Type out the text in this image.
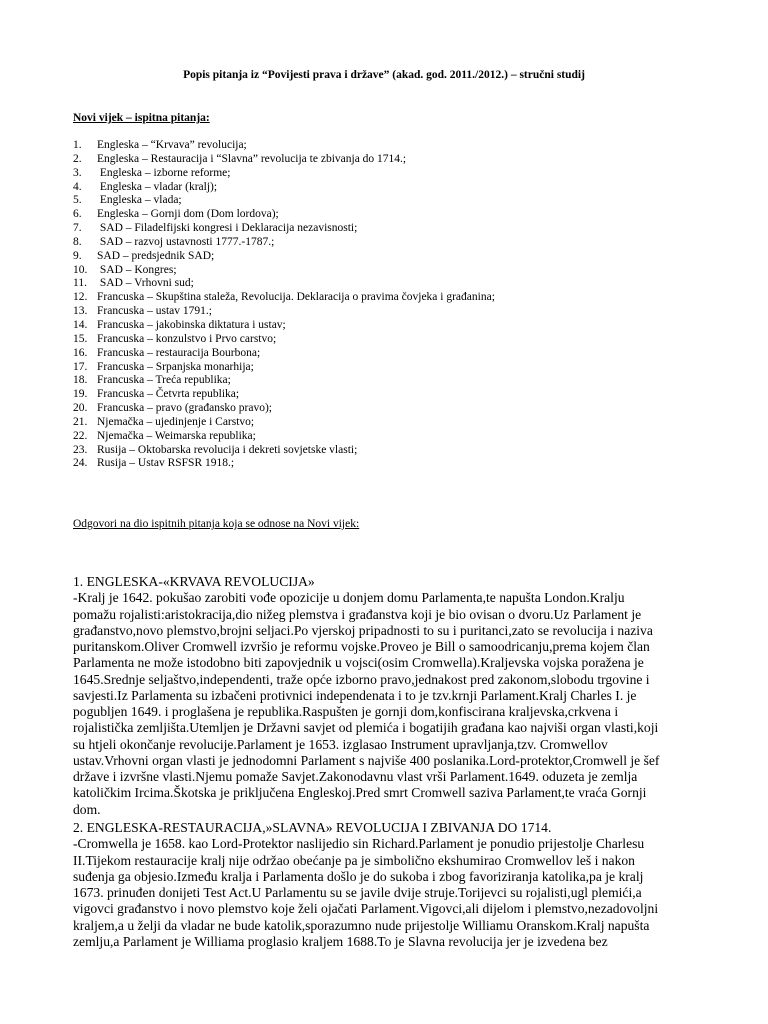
Popis pitanja iz “Povijesti prava i države” (akad. god. 2011./2012.) – stručni studij
Novi vijek – ispitna pitanja:
1. Engleska – “Krvava” revolucija;
2. Engleska – Restauracija i “Slavna” revolucija te zbivanja do 1714.;
3. Engleska – izborne reforme;
4. Engleska – vladar (kralj);
5. Engleska – vlada;
6. Engleska – Gornji dom (Dom lordova);
7. SAD – Filadelfijski kongresi i Deklaracija nezavisnosti;
8. SAD – razvoj ustavnosti 1777.-1787.;
9. SAD – predsjednik SAD;
10. SAD – Kongres;
11. SAD – Vrhovni sud;
12. Francuska – Skupština staleža, Revolucija. Deklaracija o pravima čovjeka i građanina;
13. Francuska – ustav 1791.;
14. Francuska – jakobinska diktatura i ustav;
15. Francuska – konzulstvo i Prvo carstvo;
16. Francuska – restauracija Bourbona;
17. Francuska – Srpanjska monarhija;
18. Francuska – Treća republika;
19. Francuska – Četvrta republika;
20. Francuska – pravo (građansko pravo);
21. Njemačka – ujedinjenje i Carstvo;
22. Njemačka – Weimarska republika;
23. Rusija – Oktobarska revolucija i dekreti sovjetske vlasti;
24. Rusija – Ustav RSFSR 1918.;
Odgovori na dio ispitnih pitanja koja se odnose na Novi vijek:
1. ENGLESKA-«KRVAVA REVOLUCIJA»
-Kralj je 1642. pokušao zarobiti vođe opozicije u donjem domu Parlamenta,te napušta London.Kralju
pomažu rojalisti:aristokracija,dio nižeg plemstva i građanstva koji je bio ovisan o dvoru.Uz Parlament je
građanstvo,novo plemstvo,brojni seljaci.Po vjerskoj pripadnosti to su i puritanci,zato se revolucija i naziva
puritanskom.Oliver Cromwell izvršio je reformu vojske.Proveo je Bill o samoodricanju,prema kojem član
Parlamenta ne može istodobno biti zapovjednik u vojsci(osim Cromwella).Kraljevska vojska poražena je
1645.Srednje seljaštvo,independenti, traže opće izborno pravo,jednakost pred zakonom,slobodu trgovine i
savjesti.Iz Parlamenta su izbačeni protivnici independenata i to je tzv.krnji Parlament.Kralj Charles I. je
pogubljen 1649. i proglašena je republika.Raspušten je gornji dom,konfiscirana kraljevska,crkvena i
rojalistička zemljišta.Utemljen je Državni savjet od plemića i bogatijih građana kao najviši organ vlasti,koji
su htjeli okončanje revolucije.Parlament je 1653. izglasao Instrument upravljanja,tzv. Cromwellov
ustav.Vrhovni organ vlasti je jednodomni Parlament s najviše 400 poslanika.Lord-protektor,Cromwell je šef
države i izvršne vlasti.Njemu pomaže Savjet.Zakonodavnu vlast vrši Parlament.1649. oduzeta je zemlja
katoličkim Ircima.Škotska je priključena Engleskoj.Pred smrt Cromwell saziva Parlament,te vraća Gornji
dom.
2. ENGLESKA-RESTAURACIJA,»SLAVNA» REVOLUCIJA I ZBIVANJA DO 1714.
-Cromwella je 1658. kao Lord-Protektor naslijedio sin Richard.Parlament je ponudio prijestolje Charlesu
II.Tijekom restauracije kralj nije održao obećanje pa je simbolično ekshumirao Cromwellov leš i nakon
suđenja ga objesio.Između kralja i Parlamenta došlo je do sukoba i zbog favoriziranja katolika,pa je kralj
1673. prinuđen donijeti Test Act.U Parlamentu su se javile dvije struje.Torijevci su rojalisti,ugl plemići,a
vigovci građanstvo i novo plemstvo koje želi ojačati Parlament.Vigovci,ali dijelom i plemstvo,nezadovoljni
kraljem,a u želji da vladar ne bude katolik,sporazumno nude prijestolje Williamu Oranskom.Kralj napušta
zemlju,a Parlament je Williama proglasio kraljem 1688.To je Slavna revolucija jer je izvedena bez
